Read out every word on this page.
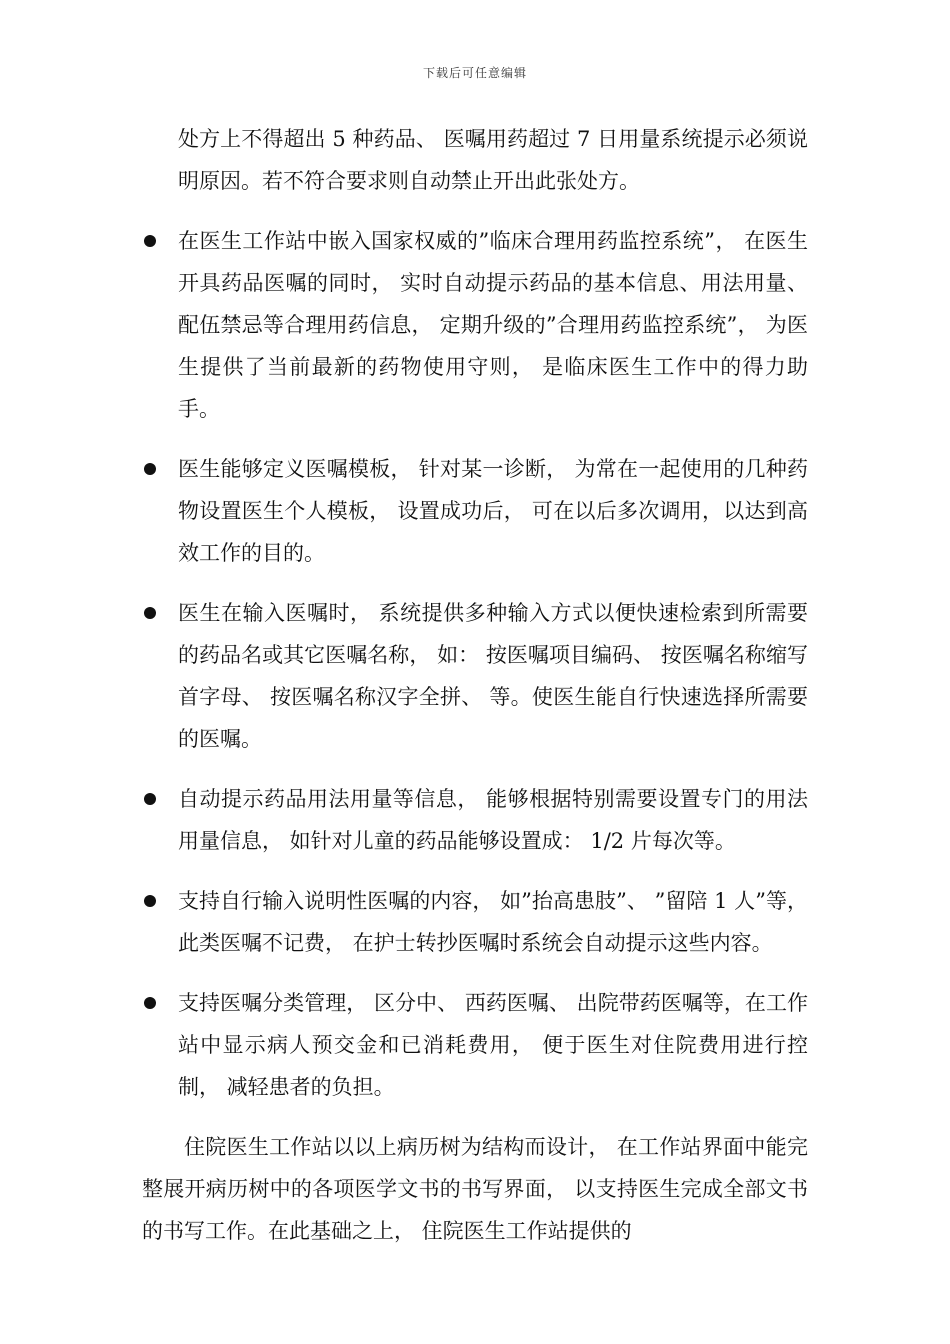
下载后可任意编辑
处方上不得超出 5 种药品、 医嘱用药超过 7 日用量系统提示必须说明原因。若不符合要求则自动禁止开出此张处方。
在医生工作站中嵌入国家权威的”临床合理用药监控系统”， 在医生开具药品医嘱的同时， 实时自动提示药品的基本信息、用法用量、 配伍禁忌等合理用药信息， 定期升级的”合理用药监控系统”， 为医生提供了当前最新的药物使用守则， 是临床医生工作中的得力助手。
医生能够定义医嘱模板， 针对某一诊断， 为常在一起使用的几种药物设置医生个人模板， 设置成功后， 可在以后多次调用，以达到高效工作的目的。
医生在输入医嘱时， 系统提供多种输入方式以便快速检索到所需要的药品名或其它医嘱名称， 如： 按医嘱项目编码、 按医嘱名称缩写首字母、 按医嘱名称汉字全拼、 等。使医生能自行快速选择所需要的医嘱。
自动提示药品用法用量等信息， 能够根据特别需要设置专门的用法用量信息， 如针对儿童的药品能够设置成： 1/2 片每次等。
支持自行输入说明性医嘱的内容， 如”抬高患肢”、 ”留陪 1 人”等， 此类医嘱不记费， 在护士转抄医嘱时系统会自动提示这些内容。
支持医嘱分类管理， 区分中、 西药医嘱、 出院带药医嘱等，在工作站中显示病人预交金和已消耗费用， 便于医生对住院费用进行控制， 减轻患者的负担。
住院医生工作站以以上病历树为结构而设计， 在工作站界面中能完整展开病历树中的各项医学文书的书写界面， 以支持医生完成全部文书的书写工作。在此基础之上， 住院医生工作站提供的
